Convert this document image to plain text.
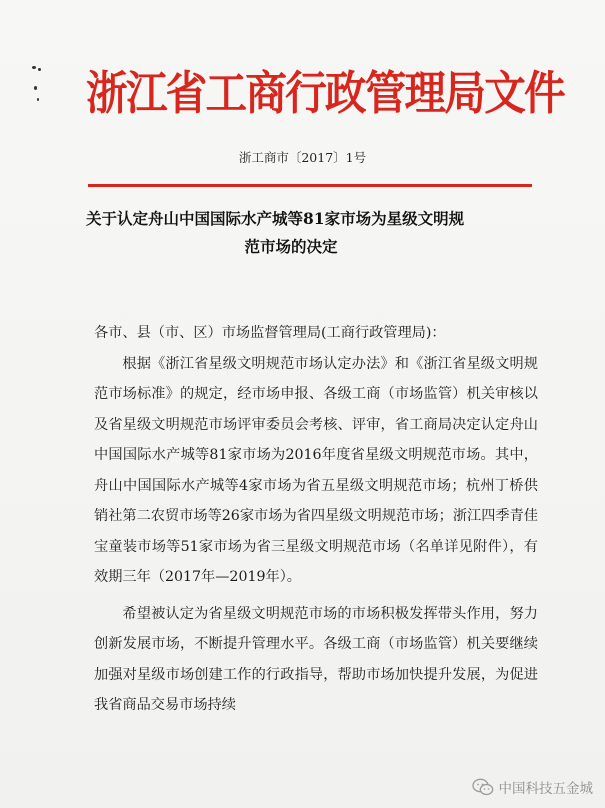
浙江省工商行政管理局文件
浙工商市〔2017〕1号
关于认定舟山中国国际水产城等81家市场为星级文明规
范市场的决定

各市、县（市、区）市场监督管理局(工商行政管理局)：

根据《浙江省星级文明规范市场认定办法》和《浙江省星级文明规范市场标准》的规定，经市场申报、各级工商（市场监管）机关审核以及省星级文明规范市场评审委员会考核、评审，省工商局决定认定舟山中国国际水产城等81家市场为2016年度省星级文明规范市场。其中，舟山中国国际水产城等4家市场为省五星级文明规范市场；杭州丁桥供销社第二农贸市场等26家市场为省四星级文明规范市场；浙江四季青佳宝童装市场等51家市场为省三星级文明规范市场（名单详见附件），有效期三年（2017年—2019年）。

希望被认定为省星级文明规范市场的市场积极发挥带头作用，努力创新发展市场，不断提升管理水平。各级工商（市场监管）机关要继续加强对星级市场创建工作的行政指导，帮助市场加快提升发展，为促进我省商品交易市场持续

中国科技五金城
